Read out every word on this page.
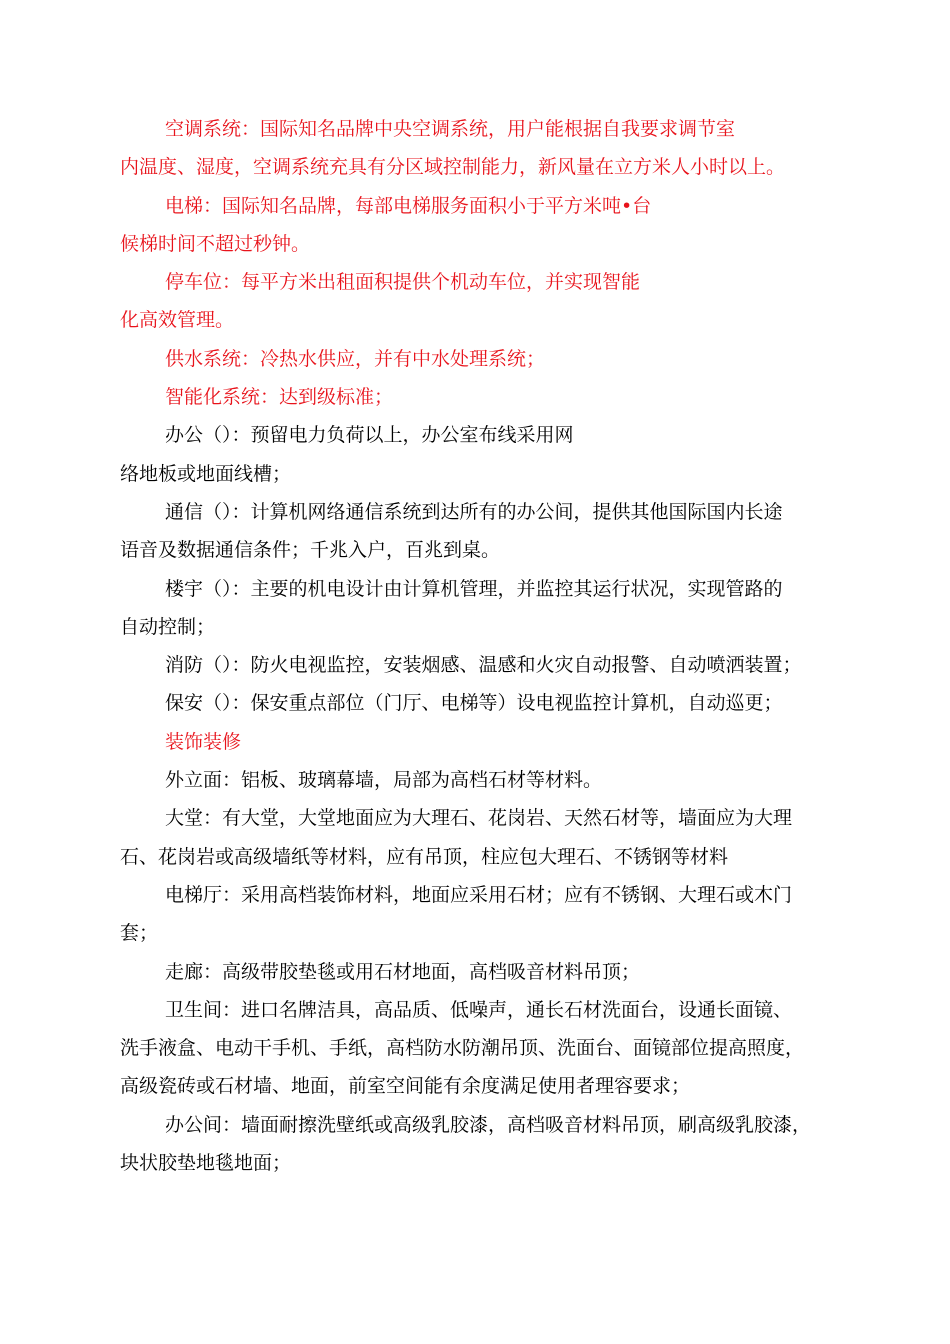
空调系统：国际知名品牌中央空调系统，用户能根据自我要求调节室
内温度、湿度，空调系统充具有分区域控制能力，新风量在立方米人小时以上。
电梯：国际知名品牌，每部电梯服务面积小于平方米吨•台
候梯时间不超过秒钟。
停车位：每平方米出租面积提供个机动车位，并实现智能
化高效管理。
供水系统：冷热水供应，并有中水处理系统；
智能化系统：达到级标准；
办公（）：预留电力负荷以上，办公室布线采用网
络地板或地面线槽；
通信（）：计算机网络通信系统到达所有的办公间，提供其他国际国内长途
语音及数据通信条件；千兆入户，百兆到桌。
楼宇（）：主要的机电设计由计算机管理，并监控其运行状况，实现管路的
自动控制；
消防（）：防火电视监控，安装烟感、温感和火灾自动报警、自动喷洒装置；
保安（）：保安重点部位（门厅、电梯等）设电视监控计算机，自动巡更；
装饰装修
外立面：铝板、玻璃幕墙，局部为高档石材等材料。
大堂：有大堂，大堂地面应为大理石、花岗岩、天然石材等，墙面应为大理
石、花岗岩或高级墙纸等材料，应有吊顶，柱应包大理石、不锈钢等材料
电梯厅：采用高档装饰材料，地面应采用石材；应有不锈钢、大理石或木门
套；
走廊：高级带胶垫毯或用石材地面，高档吸音材料吊顶；
卫生间：进口名牌洁具，高品质、低噪声，通长石材洗面台，设通长面镜、
洗手液盒、电动干手机、手纸，高档防水防潮吊顶、洗面台、面镜部位提高照度，
高级瓷砖或石材墙、地面，前室空间能有余度满足使用者理容要求；
办公间：墙面耐擦洗壁纸或高级乳胶漆，高档吸音材料吊顶，刷高级乳胶漆，
块状胶垫地毯地面；
